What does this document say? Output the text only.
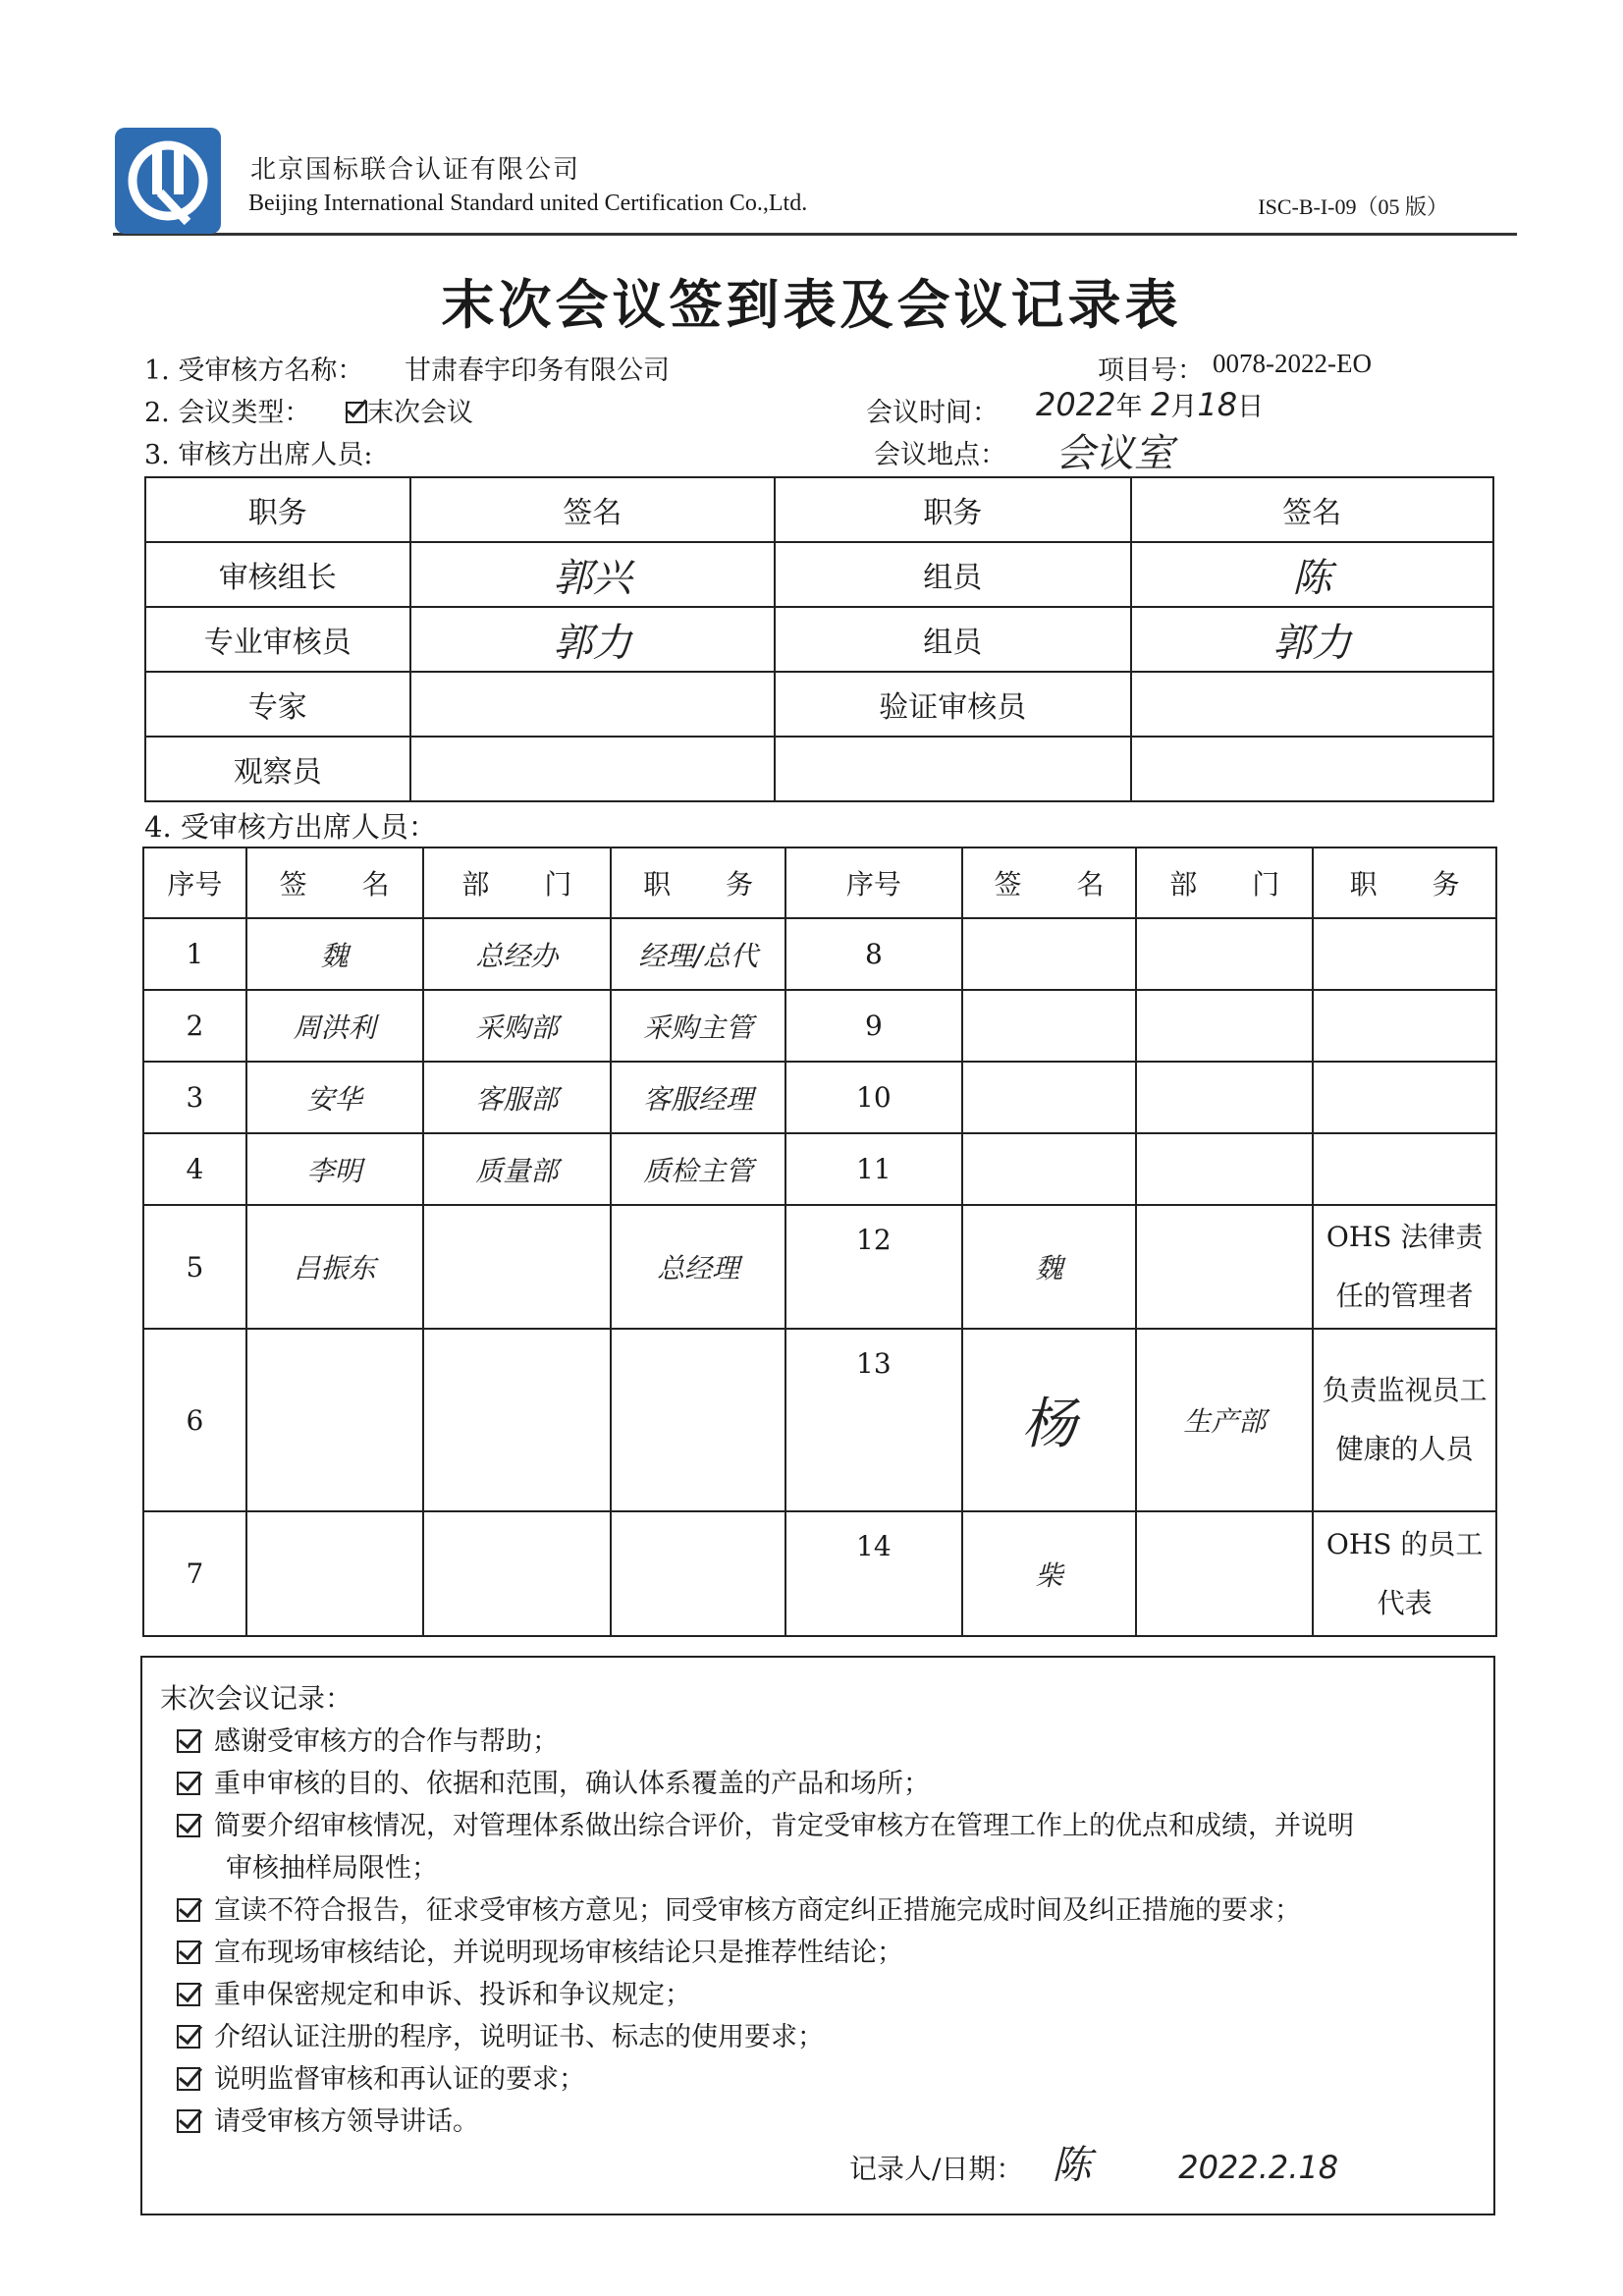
北京国标联合认证有限公司
Beijing International Standard united Certification Co.,Ltd.	ISC-B-I-09（05 版）
末次会议签到表及会议记录表
1. 受审核方名称： 甘肃春宇印务有限公司	项目号： 0078-2022-EO
2. 会议类型：	末次会议	会议时间： 2022年 2月18日
3. 审核方出席人员:	会议地点： 会议室
职务	签名	职务	签名
审核组长	郭兴	组员	陈
专业审核员	郭力	组员	郭力
专家		验证审核员	
观察员			
4. 受审核方出席人员：
序号	签　　名	部　　门	职　　务	序号	签　　名	部　　门	职　　务
1	魏	总经办	经理/总代	8			
2	周洪利	采购部	采购主管	9			
3	安华	客服部	客服经理	10			
4	李明	质量部	质检主管	11			
5	吕振东		总经理	12	魏		OHS 法律责任的管理者
6				13	杨	生产部	负责监视员工健康的人员
7				14	柴		OHS 的员工代表
末次会议记录：
感谢受审核方的合作与帮助；
重申审核的目的、依据和范围，确认体系覆盖的产品和场所；
简要介绍审核情况，对管理体系做出综合评价，肯定受审核方在管理工作上的优点和成绩，并说明
审核抽样局限性；
宣读不符合报告，征求受审核方意见；同受审核方商定纠正措施完成时间及纠正措施的要求；
宣布现场审核结论，并说明现场审核结论只是推荐性结论；
重申保密规定和申诉、投诉和争议规定；
介绍认证注册的程序，说明证书、标志的使用要求；
说明监督审核和再认证的要求；
请受审核方领导讲话。
记录人/日期： 陈	2022.2.18
